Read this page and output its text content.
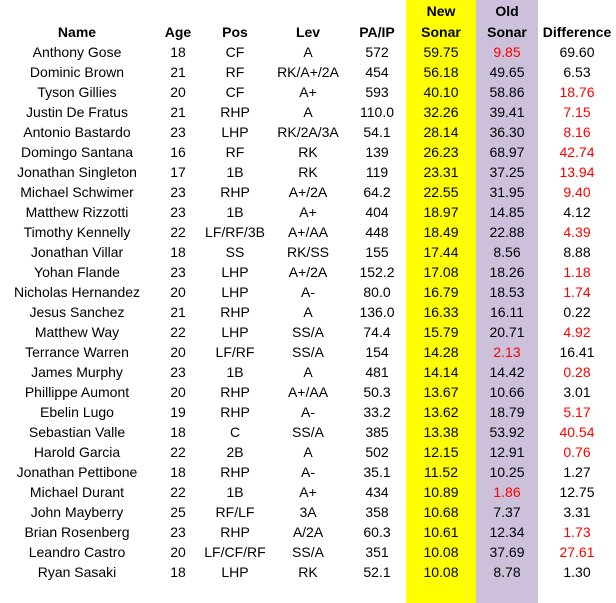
					New	Old	
Name	Age	Pos	Lev	PA/IP	Sonar	Sonar	Difference
Anthony Gose	18	CF	A	572	59.75	9.85	69.60
Dominic Brown	21	RF	RK/A+/2A	454	56.18	49.65	6.53
Tyson Gillies	20	CF	A+	593	40.10	58.86	18.76
Justin De Fratus	21	RHP	A	110.0	32.26	39.41	7.15
Antonio Bastardo	23	LHP	RK/2A/3A	54.1	28.14	36.30	8.16
Domingo Santana	16	RF	RK	139	26.23	68.97	42.74
Jonathan Singleton	17	1B	RK	119	23.31	37.25	13.94
Michael Schwimer	23	RHP	A+/2A	64.2	22.55	31.95	9.40
Matthew Rizzotti	23	1B	A+	404	18.97	14.85	4.12
Timothy Kennelly	22	LF/RF/3B	A+/AA	448	18.49	22.88	4.39
Jonathan Villar	18	SS	RK/SS	155	17.44	8.56	8.88
Yohan Flande	23	LHP	A+/2A	152.2	17.08	18.26	1.18
Nicholas Hernandez	20	LHP	A-	80.0	16.79	18.53	1.74
Jesus Sanchez	21	RHP	A	136.0	16.33	16.11	0.22
Matthew Way	22	LHP	SS/A	74.4	15.79	20.71	4.92
Terrance Warren	20	LF/RF	SS/A	154	14.28	2.13	16.41
James Murphy	23	1B	A	481	14.14	14.42	0.28
Phillippe Aumont	20	RHP	A+/AA	50.3	13.67	10.66	3.01
Ebelin Lugo	19	RHP	A-	33.2	13.62	18.79	5.17
Sebastian Valle	18	C	SS/A	385	13.38	53.92	40.54
Harold Garcia	22	2B	A	502	12.15	12.91	0.76
Jonathan Pettibone	18	RHP	A-	35.1	11.52	10.25	1.27
Michael Durant	22	1B	A+	434	10.89	1.86	12.75
John Mayberry	25	RF/LF	3A	358	10.68	7.37	3.31
Brian Rosenberg	23	RHP	A/2A	60.3	10.61	12.34	1.73
Leandro Castro	20	LF/CF/RF	SS/A	351	10.08	37.69	27.61
Ryan Sasaki	18	LHP	RK	52.1	10.08	8.78	1.30
